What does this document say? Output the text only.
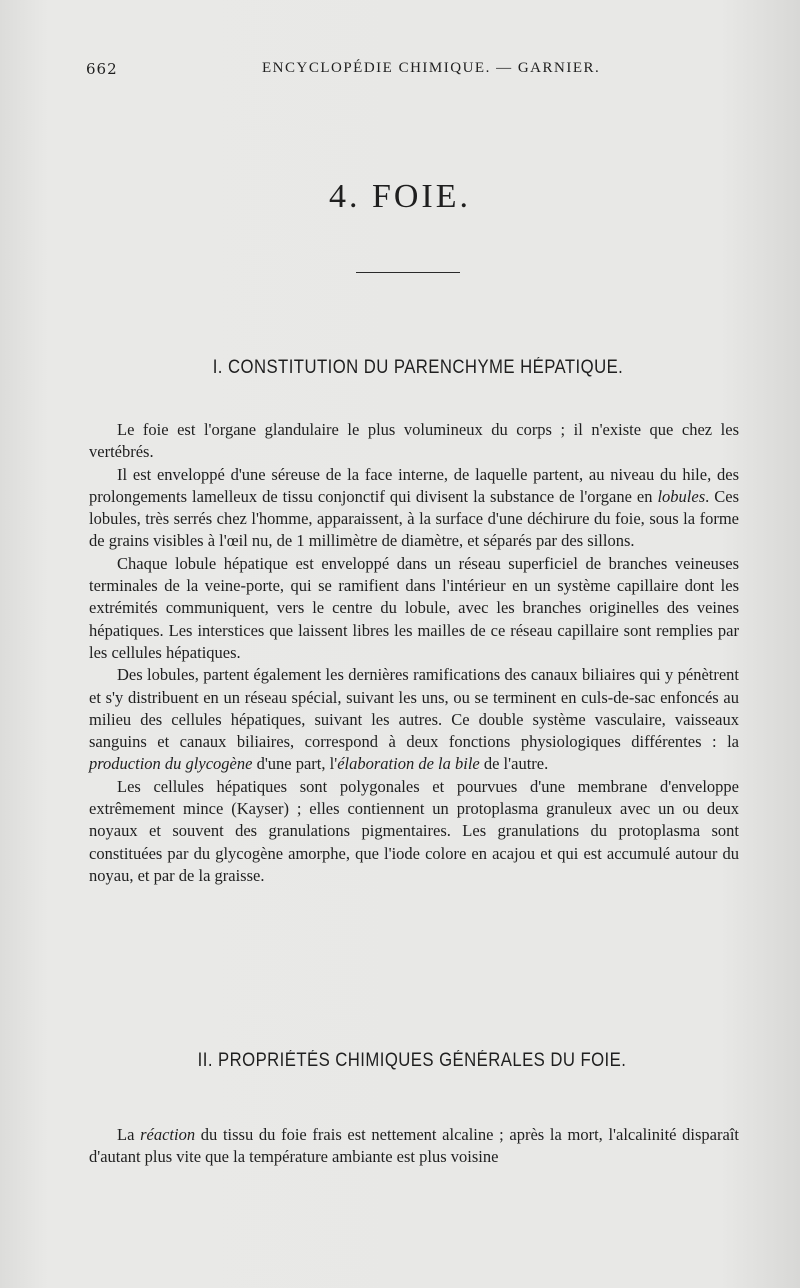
662	ENCYCLOPÉDIE CHIMIQUE. — GARNIER.
4. FOIE.
I. CONSTITUTION DU PARENCHYME HÉPATIQUE.

Le foie est l'organe glandulaire le plus volumineux du corps ; il n'existe que chez les vertébrés.

Il est enveloppé d'une séreuse de la face interne, de laquelle partent, au niveau du hile, des prolongements lamelleux de tissu conjonctif qui divisent la substance de l'organe en lobules. Ces lobules, très serrés chez l'homme, apparaissent, à la surface d'une déchirure du foie, sous la forme de grains visibles à l'œil nu, de 1 millimètre de diamètre, et séparés par des sillons.

Chaque lobule hépatique est enveloppé dans un réseau superficiel de branches veineuses terminales de la veine-porte, qui se ramifient dans l'intérieur en un système capillaire dont les extrémités communiquent, vers le centre du lobule, avec les branches originelles des veines hépatiques. Les interstices que laissent libres les mailles de ce réseau capillaire sont remplies par les cellules hépatiques.

Des lobules, partent également les dernières ramifications des canaux biliaires qui y pénètrent et s'y distribuent en un réseau spécial, suivant les uns, ou se terminent en culs-de-sac enfoncés au milieu des cellules hépatiques, suivant les autres. Ce double système vasculaire, vaisseaux sanguins et canaux biliaires, correspond à deux fonctions physiologiques différentes : la production du glycogène d'une part, l'élaboration de la bile de l'autre.

Les cellules hépatiques sont polygonales et pourvues d'une membrane d'enveloppe extrêmement mince (Kayser) ; elles contiennent un protoplasma granuleux avec un ou deux noyaux et souvent des granulations pigmentaires. Les granulations du protoplasma sont constituées par du glycogène amorphe, que l'iode colore en acajou et qui est accumulé autour du noyau, et par de la graisse.

II. PROPRIÉTÉS CHIMIQUES GÉNÉRALES DU FOIE.

La réaction du tissu du foie frais est nettement alcaline ; après la mort, l'alcalinité disparaît d'autant plus vite que la température ambiante est plus voisine
